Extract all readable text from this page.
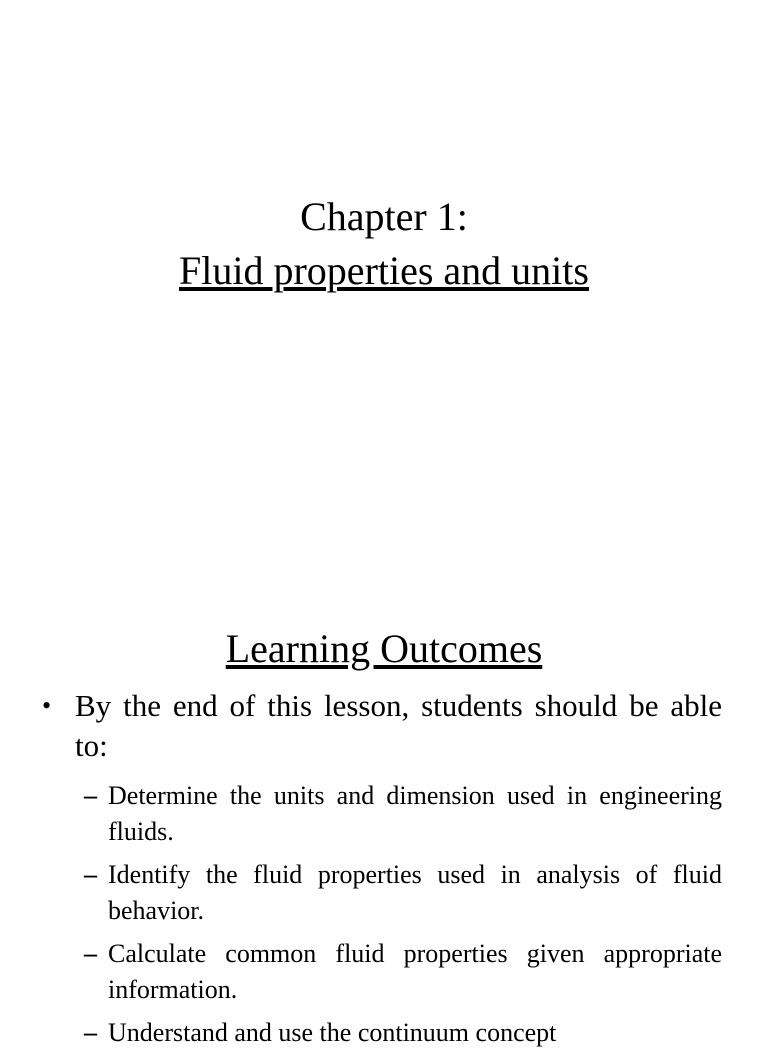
Chapter 1:
Fluid properties and units
Learning Outcomes
• By the end of this lesson, students should be able to:
– Determine the units and dimension used in engineering fluids.
– Identify the fluid properties used in analysis of fluid behavior.
– Calculate common fluid properties given appropriate information.
– Understand and use the continuum concept
